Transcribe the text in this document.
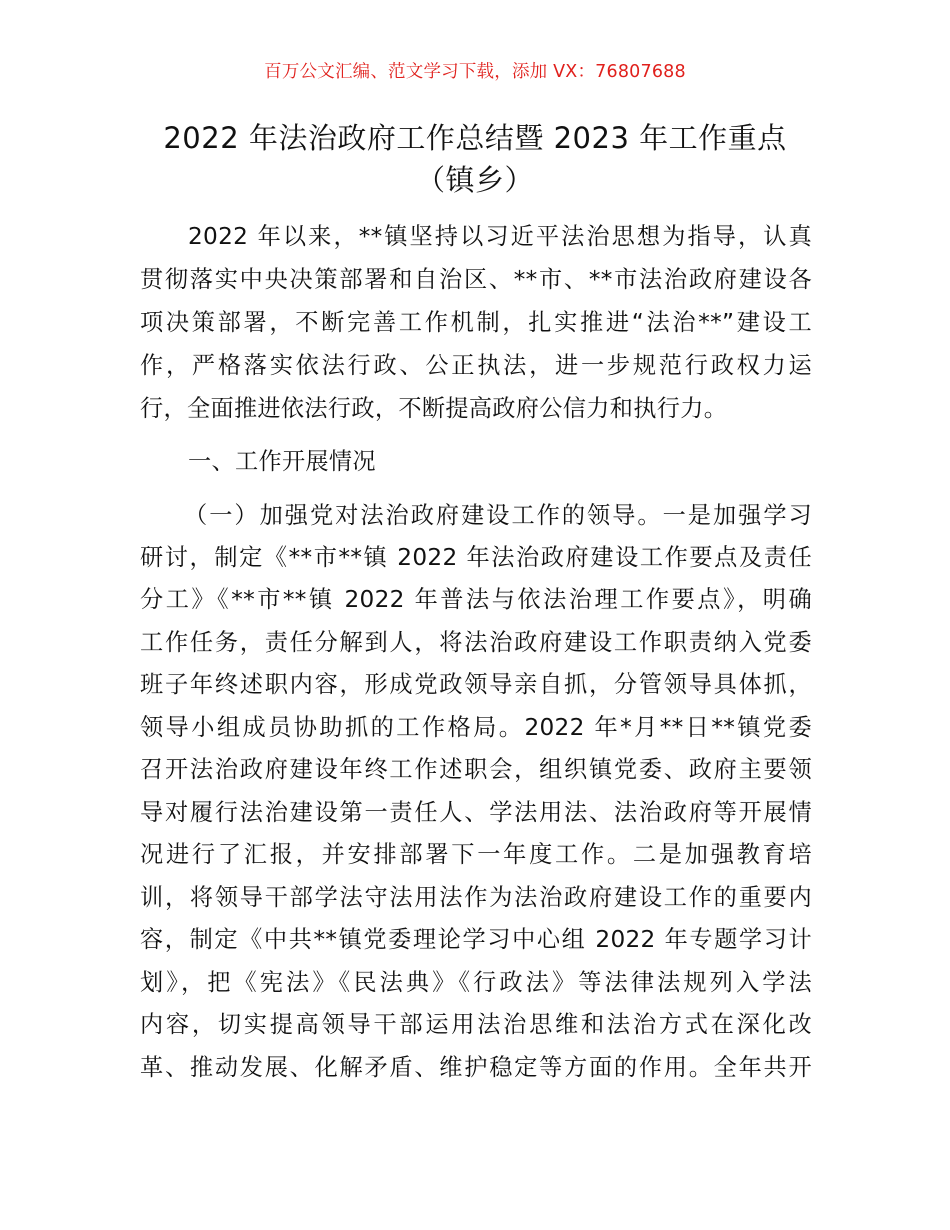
百万公文汇编、范文学习下载，添加 VX：76807688
2022 年法治政府工作总结暨 2023 年工作重点
（镇乡）
2022 年以来，**镇坚持以习近平法治思想为指导，认真
贯彻落实中央决策部署和自治区、**市、**市法治政府建设各
项决策部署，不断完善工作机制，扎实推进“法治**”建设工
作，严格落实依法行政、公正执法，进一步规范行政权力运
行，全面推进依法行政，不断提高政府公信力和执行力。
一、工作开展情况
（一）加强党对法治政府建设工作的领导。一是加强学习
研讨，制定《**市**镇 2022 年法治政府建设工作要点及责任
分工》《**市**镇 2022 年普法与依法治理工作要点》，明确
工作任务，责任分解到人，将法治政府建设工作职责纳入党委
班子年终述职内容，形成党政领导亲自抓，分管领导具体抓，
领导小组成员协助抓的工作格局。2022 年*月**日**镇党委
召开法治政府建设年终工作述职会，组织镇党委、政府主要领
导对履行法治建设第一责任人、学法用法、法治政府等开展情
况进行了汇报，并安排部署下一年度工作。二是加强教育培
训，将领导干部学法守法用法作为法治政府建设工作的重要内
容，制定《中共**镇党委理论学习中心组 2022 年专题学习计
划》，把《宪法》《民法典》《行政法》等法律法规列入学法
内容，切实提高领导干部运用法治思维和法治方式在深化改
革、推动发展、化解矛盾、维护稳定等方面的作用。全年共开
